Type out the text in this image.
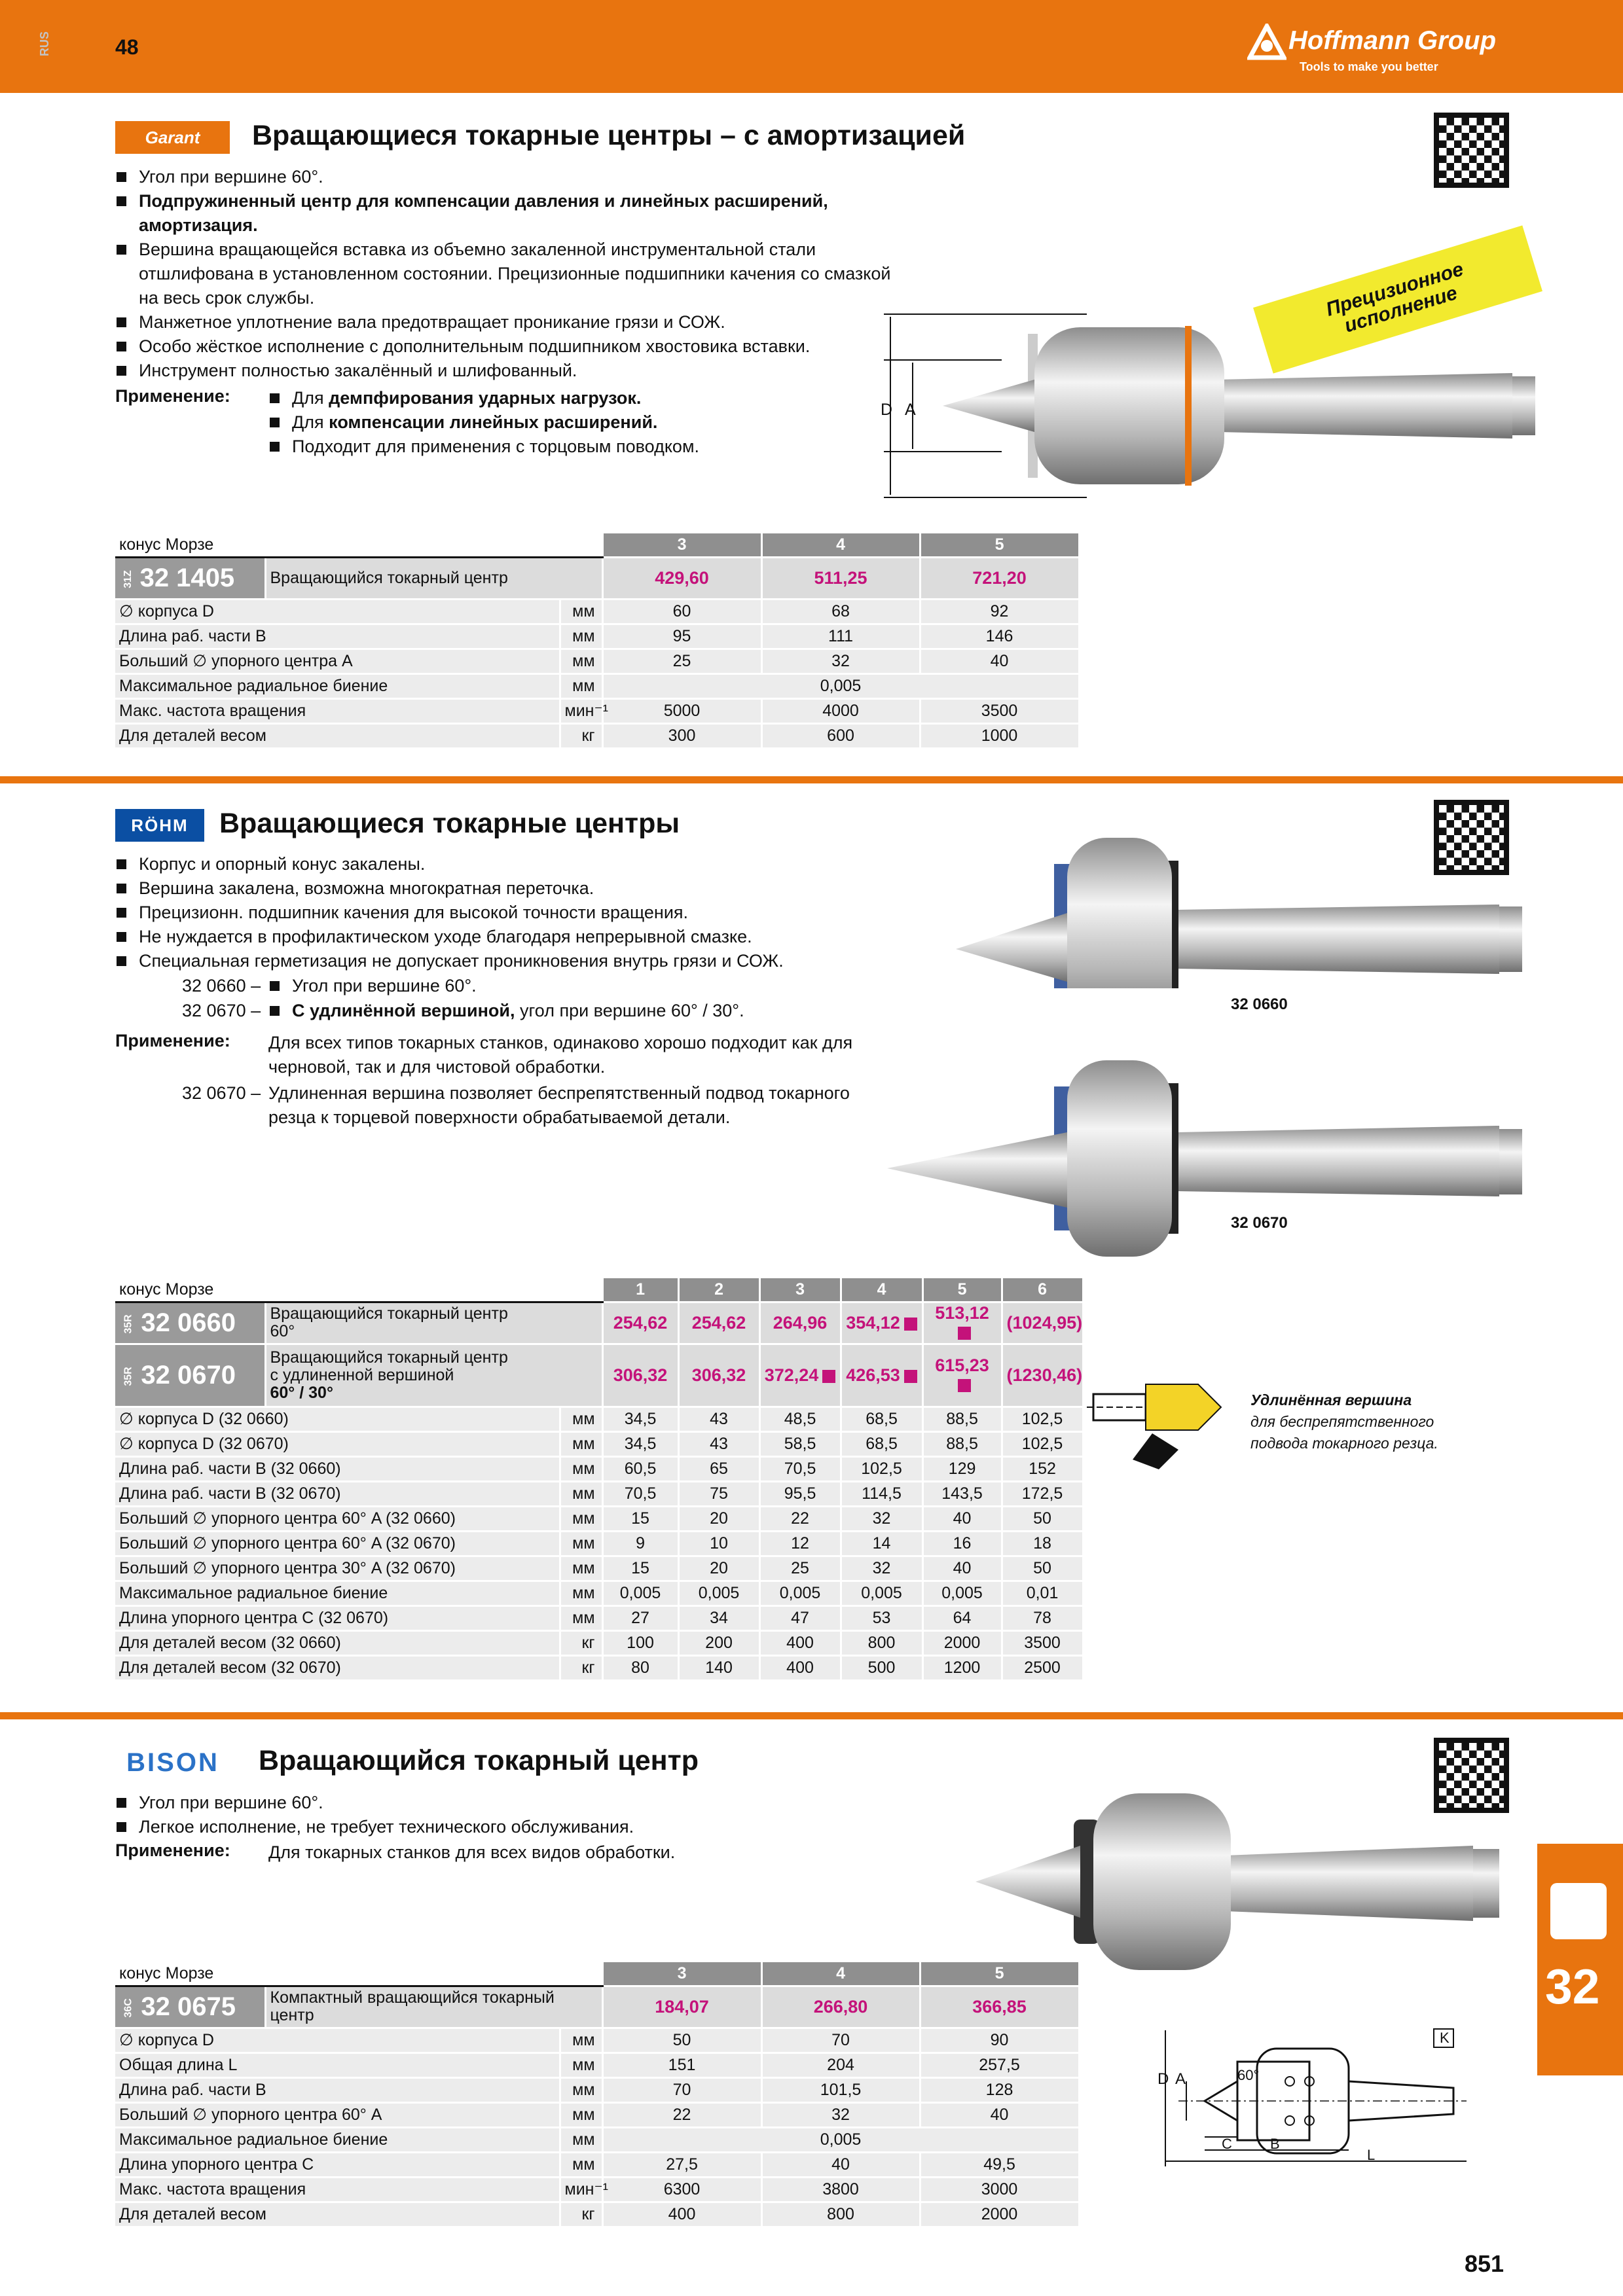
RUS	48	Hoffmann Group
Tools to make you better
Garant	Вращающиеся токарные центры – с амортизацией
Угол при вершине 60°.
Подпружиненный центр для компенсации давления и линейных расширений, амортизация.
Вершина вращающейся вставка из объемно закаленной инструментальной стали отшлифована в установленном состоянии. Прецизионные подшипники качения со смазкой на весь срок службы.
Манжетное уплотнение вала предотвращает проникание грязи и СОЖ.
Особо жёсткое исполнение с дополнительным подшипником хвостовика вставки.
Инструмент полностью закалённый и шлифованный.
Применение:	Для демпфирования ударных нагрузок.
Для компенсации линейных расширений.
Подходит для применения с торцовым поводком.
D A
Прецизионное исполнение
конус Морзе			3	4	5
31Z 32 1405	Вращающийся токарный центр		429,60	511,25	721,20
∅ корпуса D		мм	60	68	92
Длина раб. части B		мм	95	111	146
Больший ∅ упорного центра A		мм	25	32	40
Максимальное радиальное биение		мм	0,005		
Макс. частота вращения		мин⁻¹	5000	4000	3500
Для деталей весом		кг	300	600	1000
RÖHM	Вращающиеся токарные центры
Корпус и опорный конус закалены.
Вершина закалена, возможна многократная переточка.
Прецизионн. подшипник качения для высокой точности вращения.
Не нуждается в профилактическом уходе благодаря непрерывной смазке.
Специальная герметизация не допускает проникновения внутрь грязи и СОЖ.
32 0660 –	Угол при вершине 60°.
32 0670 –	С удлинённой вершиной, угол при вершине 60° / 30°.
Применение: Для всех типов токарных станков, одинаково хорошо подходит как для черновой, так и для чистовой обработки.
32 0670 – Удлиненная вершина позволяет беспрепятственный подвод токарного резца к торцевой поверхности обрабатываемой детали.
32 0660
32 0670
Удлинённая вершина
для беспрепятственного
подвода токарного резца.
конус Морзе			1	2	3	4	5	6
35R 32 0660	Вращающийся токарный центр
60°		254,62	254,62	264,96	354,12	513,12	(1024,95)
35R 32 0670	Вращающийся токарный центр
с удлиненной вершиной
60° / 30°		306,32	306,32	372,24	426,53	615,23	(1230,46)
∅ корпуса D (32 0660)		мм	34,5	43	48,5	68,5	88,5	102,5
∅ корпуса D (32 0670)		мм	34,5	43	58,5	68,5	88,5	102,5
Длина раб. части B (32 0660)		мм	60,5	65	70,5	102,5	129	152
Длина раб. части B (32 0670)		мм	70,5	75	95,5	114,5	143,5	172,5
Больший ∅ упорного центра 60° A (32 0660)		мм	15	20	22	32	40	50
Больший ∅ упорного центра 60° A (32 0670)		мм	9	10	12	14	16	18
Больший ∅ упорного центра 30° A (32 0670)		мм	15	20	25	32	40	50
Максимальное радиальное биение		мм	0,005	0,005	0,005	0,005	0,005	0,01
Длина упорного центра C (32 0670)		мм	27	34	47	53	64	78
Для деталей весом (32 0660)		кг	100	200	400	800	2000	3500
Для деталей весом (32 0670)		кг	80	140	400	500	1200	2500
BISON	Вращающийся токарный центр
Угол при вершине 60°.
Легкое исполнение, не требует технического обслуживания.
Применение: Для токарных станков для всех видов обработки.
D A	60°
K
C	B
L
конус Морзе			3	4	5
36C 32 0675	Компактный вращающийся токарный
центр		184,07	266,80	366,85
∅ корпуса D		мм	50	70	90
Общая длина L		мм	151	204	257,5
Длина раб. части B		мм	70	101,5	128
Больший ∅ упорного центра 60° A		мм	22	32	40
Максимальное радиальное биение		мм	0,005		
Длина упорного центра C		мм	27,5	40	49,5
Макс. частота вращения		мин⁻¹	6300	3800	3000
Для деталей весом		кг	400	800	2000
32
851
